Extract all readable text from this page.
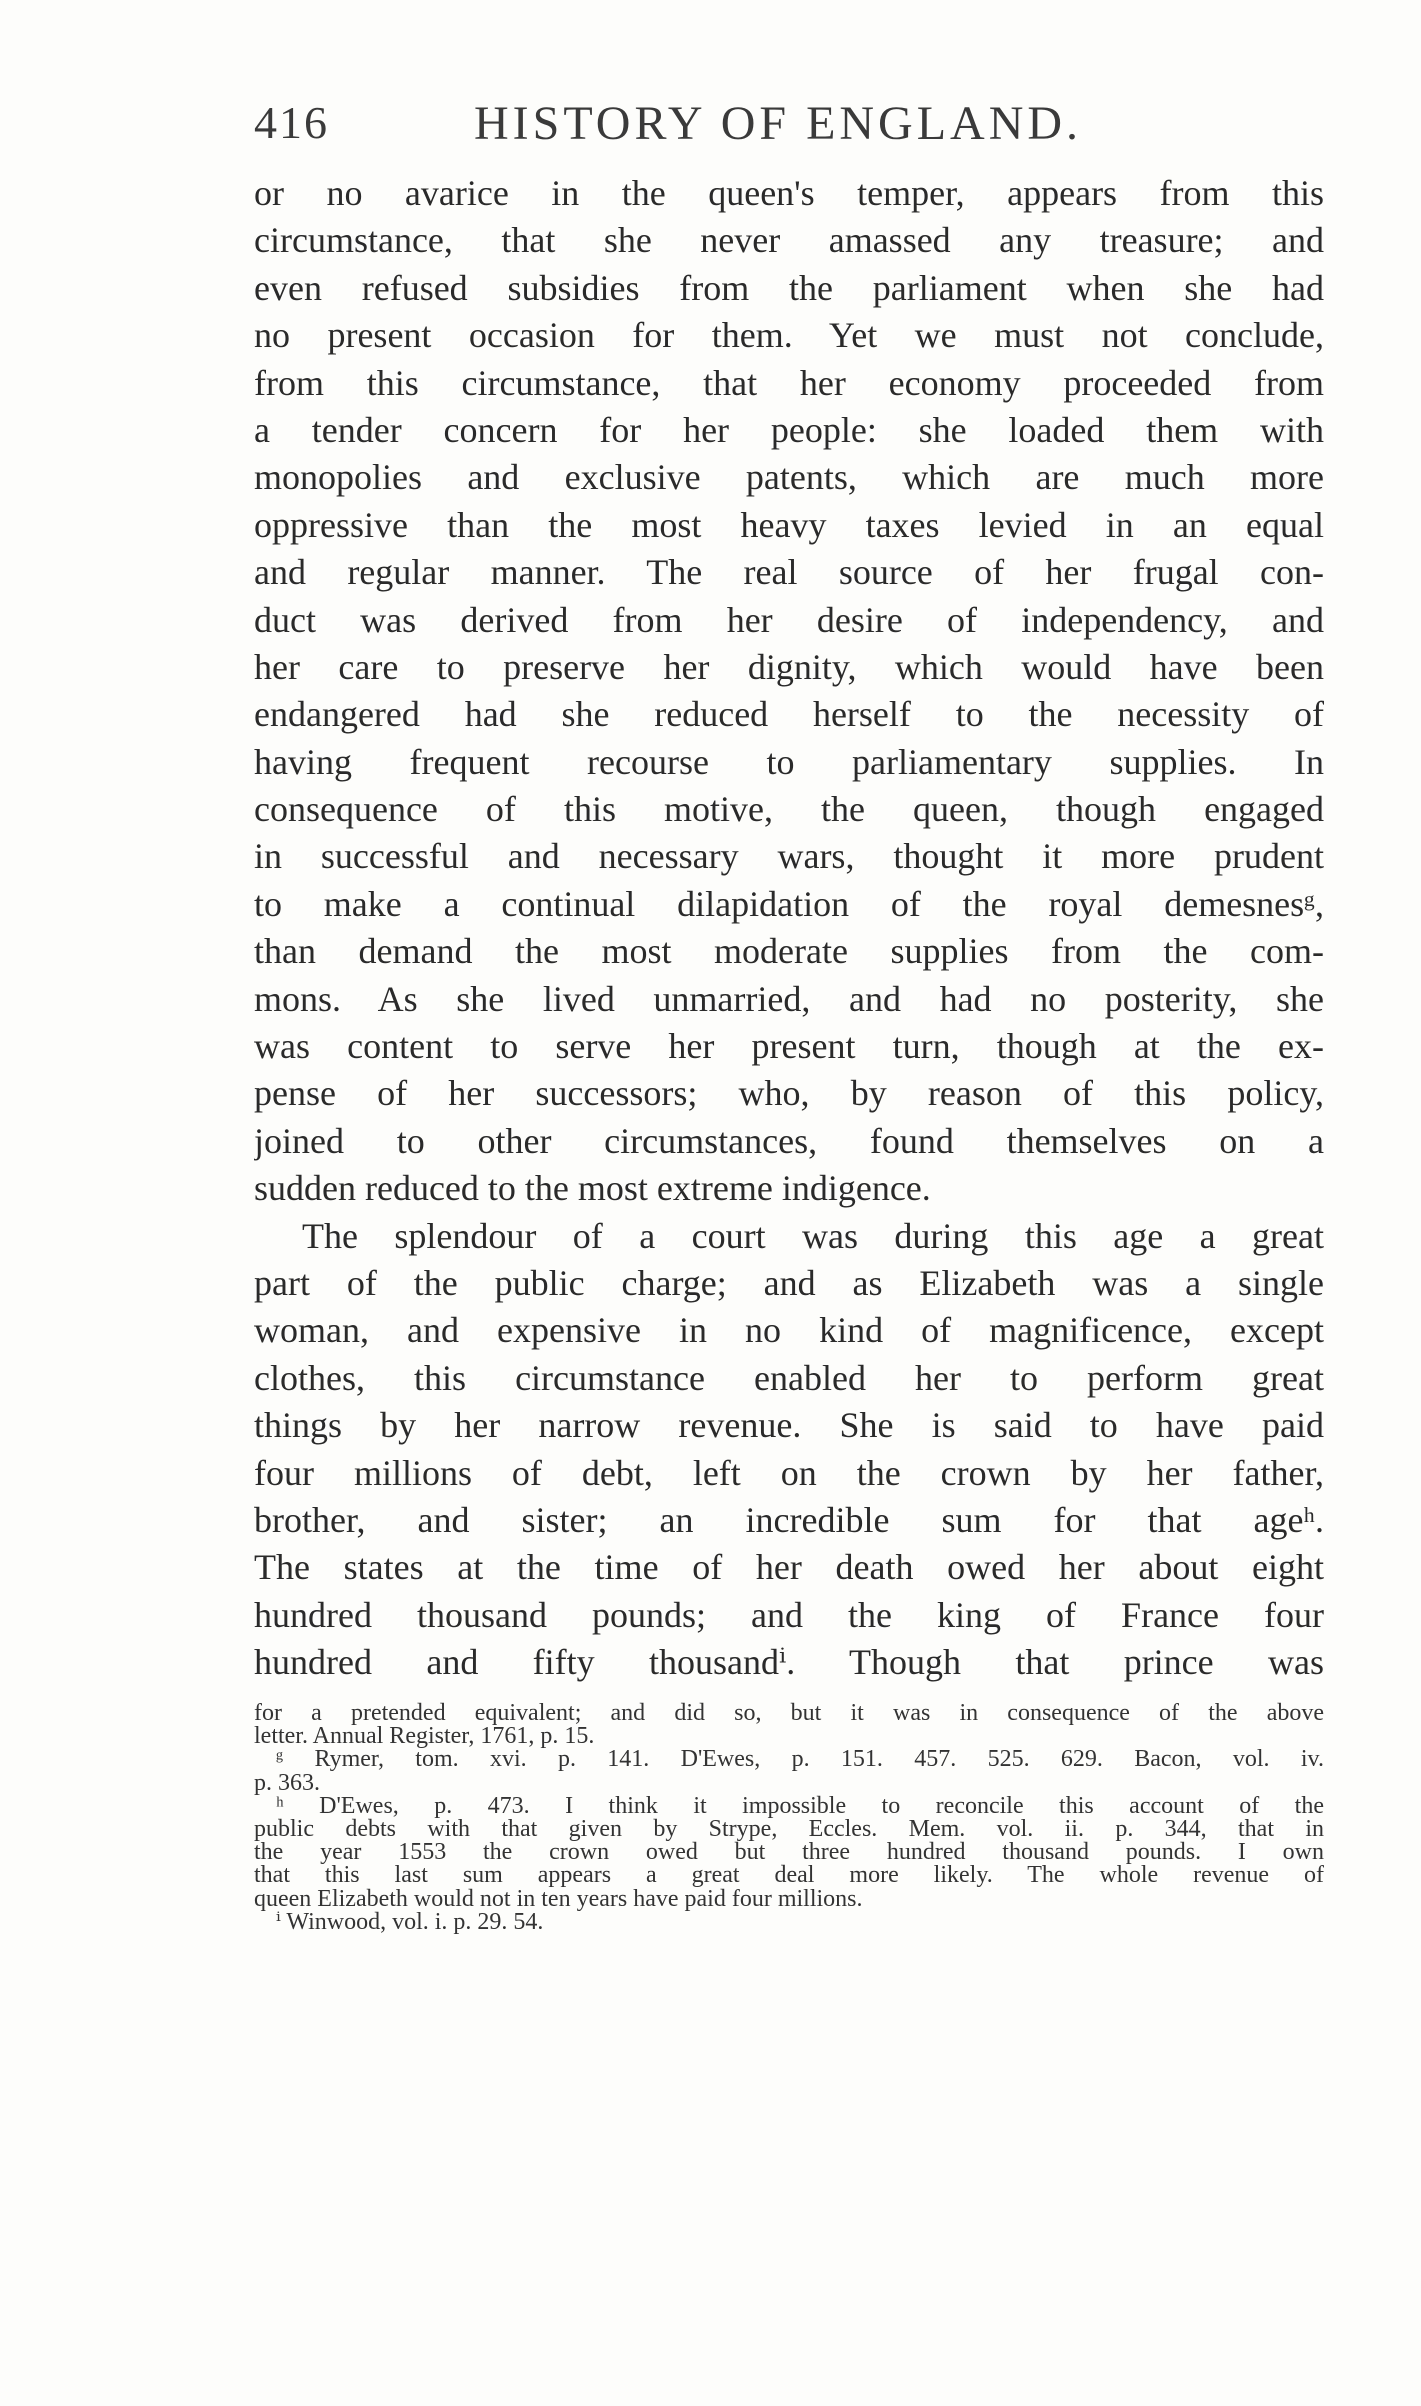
416	HISTORY OF ENGLAND.
or no avarice in the queen's temper, appears from this
circumstance, that she never amassed any treasure; and
even refused subsidies from the parliament when she had
no present occasion for them. Yet we must not conclude,
from this circumstance, that her economy proceeded from
a tender concern for her people: she loaded them with
monopolies and exclusive patents, which are much more
oppressive than the most heavy taxes levied in an equal
and regular manner. The real source of her frugal con-
duct was derived from her desire of independency, and
her care to preserve her dignity, which would have been
endangered had she reduced herself to the necessity of
having frequent recourse to parliamentary supplies. In
consequence of this motive, the queen, though engaged
in successful and necessary wars, thought it more prudent
to make a continual dilapidation of the royal demesnesᵍ,
than demand the most moderate supplies from the com-
mons. As she lived unmarried, and had no posterity, she
was content to serve her present turn, though at the ex-
pense of her successors; who, by reason of this policy,
joined to other circumstances, found themselves on a
sudden reduced to the most extreme indigence.
The splendour of a court was during this age a great
part of the public charge; and as Elizabeth was a single
woman, and expensive in no kind of magnificence, except
clothes, this circumstance enabled her to perform great
things by her narrow revenue. She is said to have paid
four millions of debt, left on the crown by her father,
brother, and sister; an incredible sum for that ageʰ.
The states at the time of her death owed her about eight
hundred thousand pounds; and the king of France four
hundred and fifty thousandⁱ. Though that prince was
for a pretended equivalent; and did so, but it was in consequence of the above
letter. Annual Register, 1761, p. 15.
ᵍ Rymer, tom. xvi. p. 141. D'Ewes, p. 151. 457. 525. 629. Bacon, vol. iv.
p. 363.
ʰ D'Ewes, p. 473. I think it impossible to reconcile this account of the
public debts with that given by Strype, Eccles. Mem. vol. ii. p. 344, that in
the year 1553 the crown owed but three hundred thousand pounds. I own
that this last sum appears a great deal more likely. The whole revenue of
queen Elizabeth would not in ten years have paid four millions.
ⁱ Winwood, vol. i. p. 29. 54.
